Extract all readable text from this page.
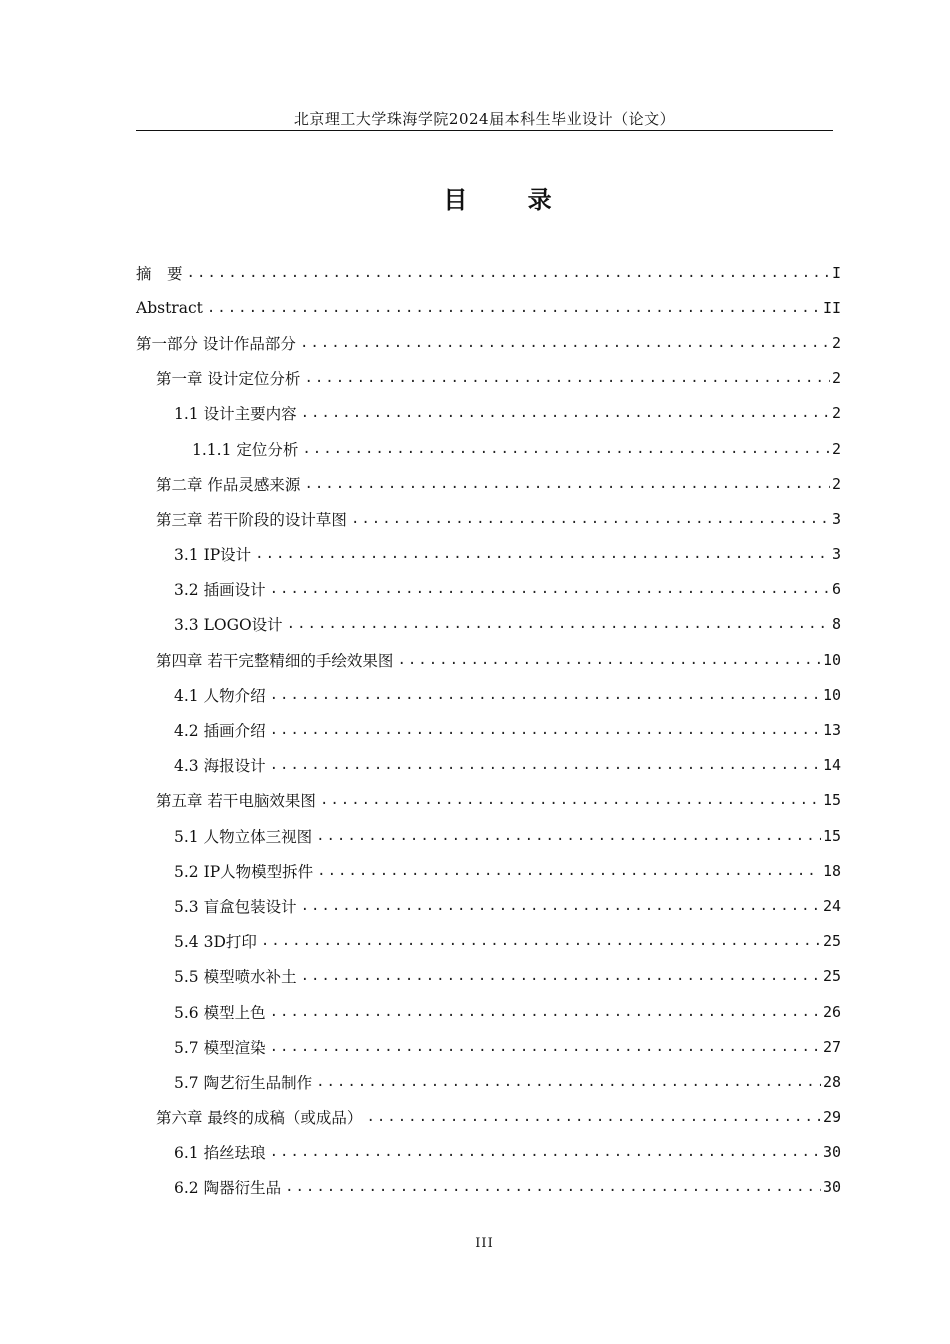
北京理工大学珠海学院2024届本科生毕业设计（论文）
目 录
摘　要 .....	I
Abstract .....	II
第一部分 设计作品部分 .....	2
第一章 设计定位分析 .....	2
1.1 设计主要内容 .....	2
1.1.1 定位分析 .....	2
第二章 作品灵感来源 .....	2
第三章 若干阶段的设计草图 .....	3
3.1 IP设计 .....	3
3.2 插画设计 .....	6
3.3 LOGO设计 .....	8
第四章 若干完整精细的手绘效果图 .....	10
4.1 人物介绍 .....	10
4.2 插画介绍 .....	13
4.3 海报设计 .....	14
第五章 若干电脑效果图 .....	15
5.1 人物立体三视图 .....	15
5.2 IP人物模型拆件 .....	18
5.3 盲盒包装设计 .....	24
5.4 3D打印 .....	25
5.5 模型喷水补土 .....	25
5.6 模型上色 .....	26
5.7 模型渲染 .....	27
5.7 陶艺衍生品制作 .....	28
第六章 最终的成稿（或成品） .....	29
6.1 掐丝珐琅 .....	30
6.2 陶器衍生品 .....	30
III
